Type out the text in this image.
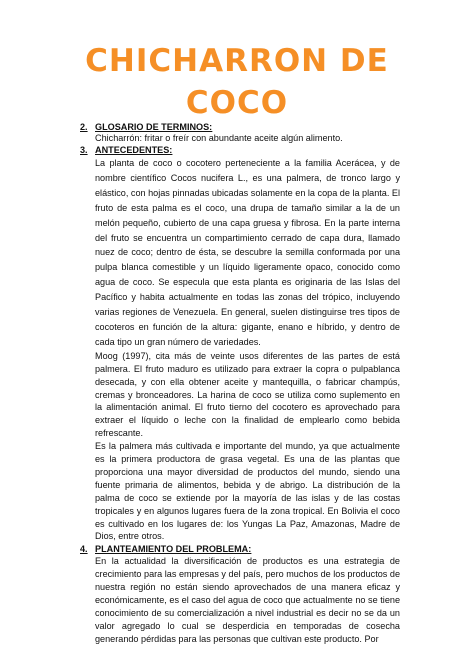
CHICHARRON DE
COCO
2. GLOSARIO DE TERMINOS:
Chicharrón: fritar o freír con abundante aceite algún alimento.
3. ANTECEDENTES:

La planta de coco o cocotero perteneciente a la familia Acerácea, y de nombre científico Cocos nucifera L., es una palmera, de tronco largo y elástico, con hojas pinnadas ubicadas solamente en la copa de la planta. El fruto de esta palma es el coco, una drupa de tamaño similar a la de un melón pequeño, cubierto de una capa gruesa y fibrosa. En la parte interna del fruto se encuentra un compartimiento cerrado de capa dura, llamado nuez de coco; dentro de ésta, se descubre la semilla conformada por una pulpa blanca comestible y un líquido ligeramente opaco, conocido como agua de coco. Se especula que esta planta es originaria de las Islas del Pacífico y habita actualmente en todas las zonas del trópico, incluyendo varias regiones de Venezuela. En general, suelen distinguirse tres tipos de cocoteros en función de la altura: gigante, enano e híbrido, y dentro de cada tipo un gran número de variedades.

Moog (1997), cita más de veinte usos diferentes de las partes de está palmera. El fruto maduro es utilizado para extraer la copra o pulpablanca desecada, y con ella obtener aceite y mantequilla, o fabricar champús, cremas y bronceadores. La harina de coco se utiliza como suplemento en la alimentación animal. El fruto tierno del cocotero es aprovechado para extraer el líquido o leche con la finalidad de emplearlo como bebida refrescante.

Es la palmera más cultivada e importante del mundo, ya que actualmente es la primera productora de grasa vegetal. Es una de las plantas que proporciona una mayor diversidad de productos del mundo, siendo una fuente primaria de alimentos, bebida y de abrigo. La distribución de la palma de coco se extiende por la mayoría de las islas y de las costas tropicales y en algunos lugares fuera de la zona tropical. En Bolivia el coco es cultivado en los lugares de: los Yungas La Paz, Amazonas, Madre de Dios, entre otros.

4. PLANTEAMIENTO DEL PROBLEMA:

En la actualidad la diversificación de productos es una estrategia de crecimiento para las empresas y del país, pero muchos de los productos de nuestra región no están siendo aprovechados de una manera eficaz y económicamente, es el caso del agua de coco que actualmente no se tiene conocimiento de su comercialización a nivel industrial es decir no se da un valor agregado lo cual se desperdicia en temporadas de cosecha generando pérdidas para las personas que cultivan este producto. Por
